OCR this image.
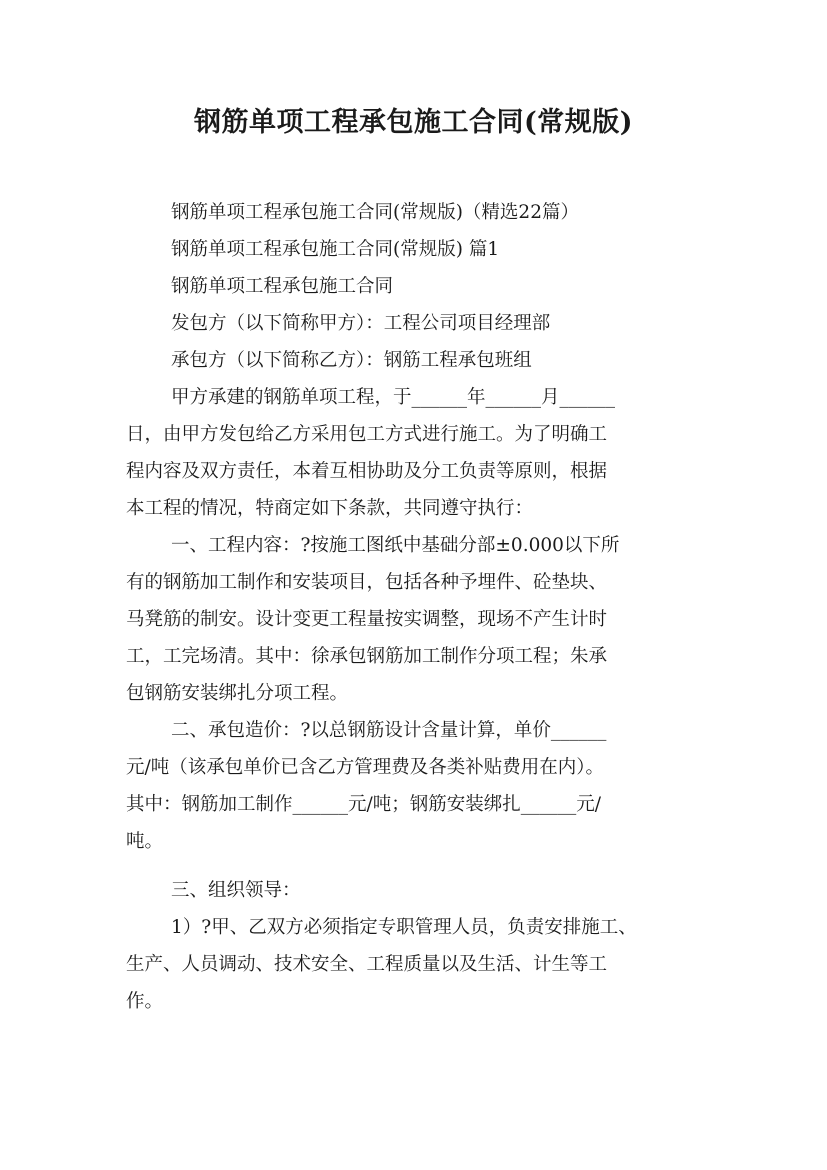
钢筋单项工程承包施工合同(常规版)
钢筋单项工程承包施工合同(常规版)（精选22篇）
钢筋单项工程承包施工合同(常规版) 篇1
钢筋单项工程承包施工合同
发包方（以下简称甲方）：工程公司项目经理部
承包方（以下简称乙方）：钢筋工程承包班组
甲方承建的钢筋单项工程，于______年______月______
日，由甲方发包给乙方采用包工方式进行施工。为了明确工
程内容及双方责任，本着互相协助及分工负责等原则，根据
本工程的情况，特商定如下条款，共同遵守执行：
一、工程内容：?按施工图纸中基础分部±0.000以下所
有的钢筋加工制作和安装项目，包括各种予埋件、砼垫块、
马凳筋的制安。设计变更工程量按实调整，现场不产生计时
工，工完场清。其中：徐承包钢筋加工制作分项工程；朱承
包钢筋安装绑扎分项工程。
二、承包造价：?以总钢筋设计含量计算，单价______
元/吨（该承包单价已含乙方管理费及各类补贴费用在内）。
其中：钢筋加工制作______元/吨；钢筋安装绑扎______元/
吨。
三、组织领导：
1）?甲、乙双方必须指定专职管理人员，负责安排施工、
生产、人员调动、技术安全、工程质量以及生活、计生等工
作。
